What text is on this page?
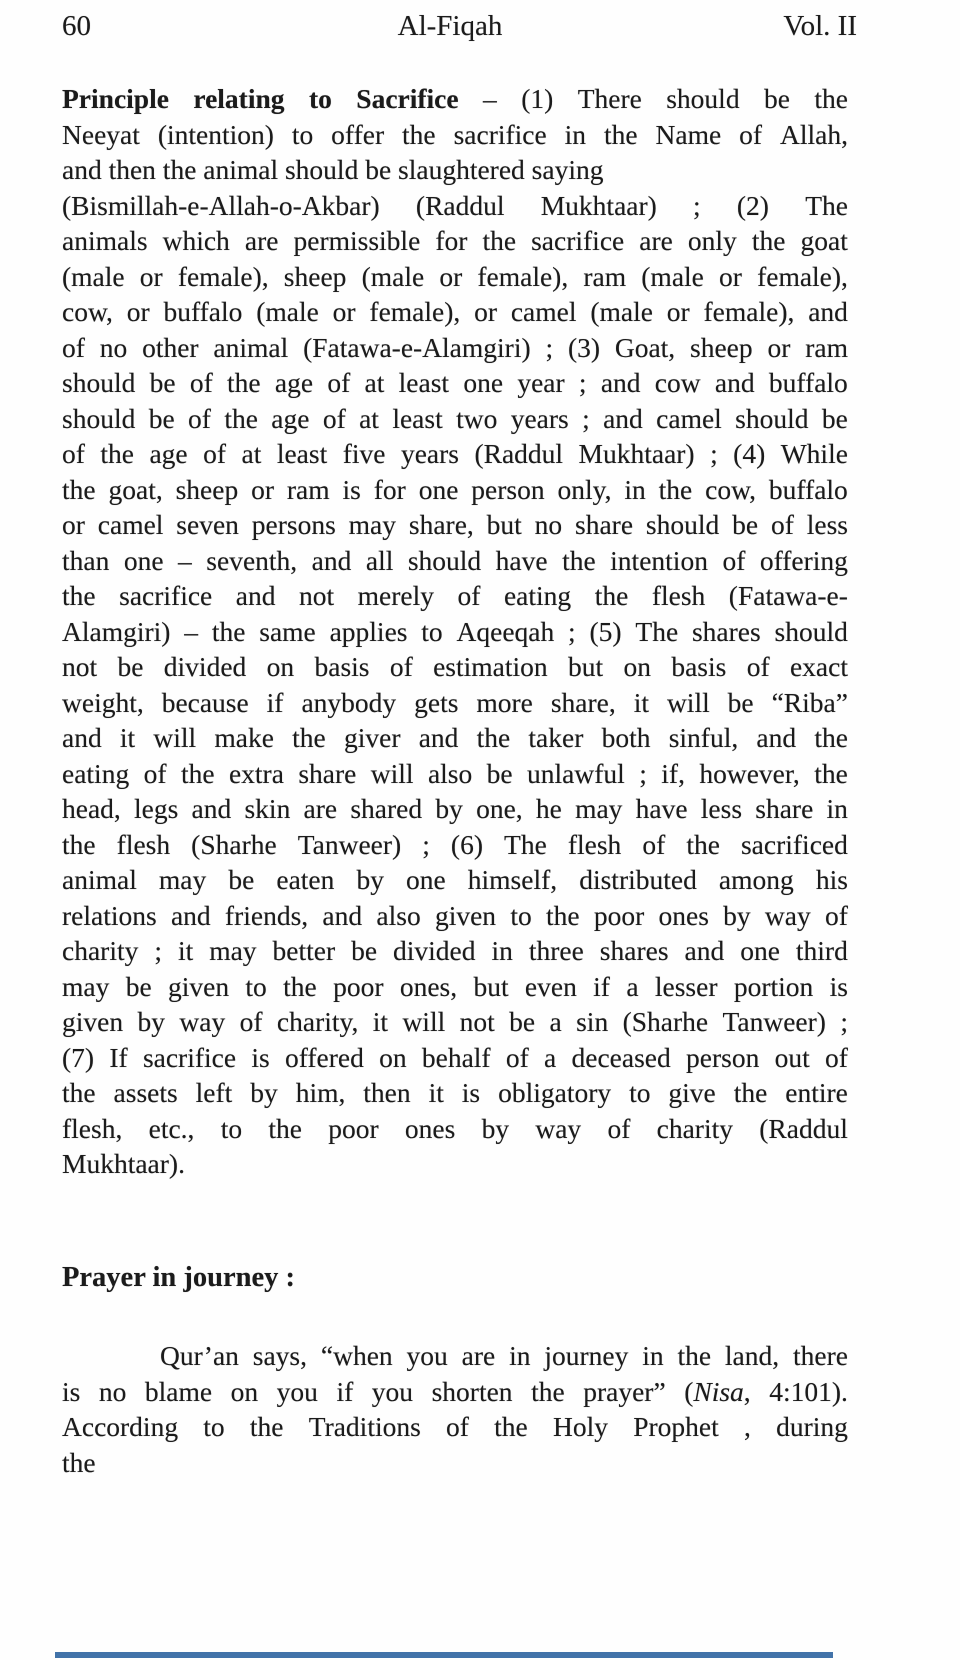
60	Al-Fiqah	Vol. II
Principle relating to Sacrifice – (1) There should be the
Neeyat (intention) to offer the sacrifice in the Name of Allah,
and then the animal should be slaughtered saying
(Bismillah-e-Allah-o-Akbar) (Raddul Mukhtaar) ; (2) The
animals which are permissible for the sacrifice are only the goat
(male or female), sheep (male or female), ram (male or female),
cow, or buffalo (male or female), or camel (male or female), and
of no other animal (Fatawa-e-Alamgiri) ; (3) Goat, sheep or ram
should be of the age of at least one year ; and cow and buffalo
should be of the age of at least two years ; and camel should be
of the age of at least five years (Raddul Mukhtaar) ; (4) While
the goat, sheep or ram is for one person only, in the cow, buffalo
or camel seven persons may share, but no share should be of less
than one – seventh, and all should have the intention of offering
the sacrifice and not merely of eating the flesh (Fatawa-e-
Alamgiri) – the same applies to Aqeeqah ; (5) The shares should
not be divided on basis of estimation but on basis of exact
weight, because if anybody gets more share, it will be “Riba”
and it will make the giver and the taker both sinful, and the
eating of the extra share will also be unlawful ; if, however, the
head, legs and skin are shared by one, he may have less share in
the flesh (Sharhe Tanweer) ; (6) The flesh of the sacrificed
animal may be eaten by one himself, distributed among his
relations and friends, and also given to the poor ones by way of
charity ; it may better be divided in three shares and one third
may be given to the poor ones, but even if a lesser portion is
given by way of charity, it will not be a sin (Sharhe Tanweer) ;
(7) If sacrifice is offered on behalf of a deceased person out of
the assets left by him, then it is obligatory to give the entire
flesh, etc., to the poor ones by way of charity (Raddul
Mukhtaar).
Prayer in journey :
Qur’an says, “when you are in journey in the land, there
is no blame on you if you shorten the prayer” (Nisa, 4:101).
According to the Traditions of the Holy Prophet , during
the
